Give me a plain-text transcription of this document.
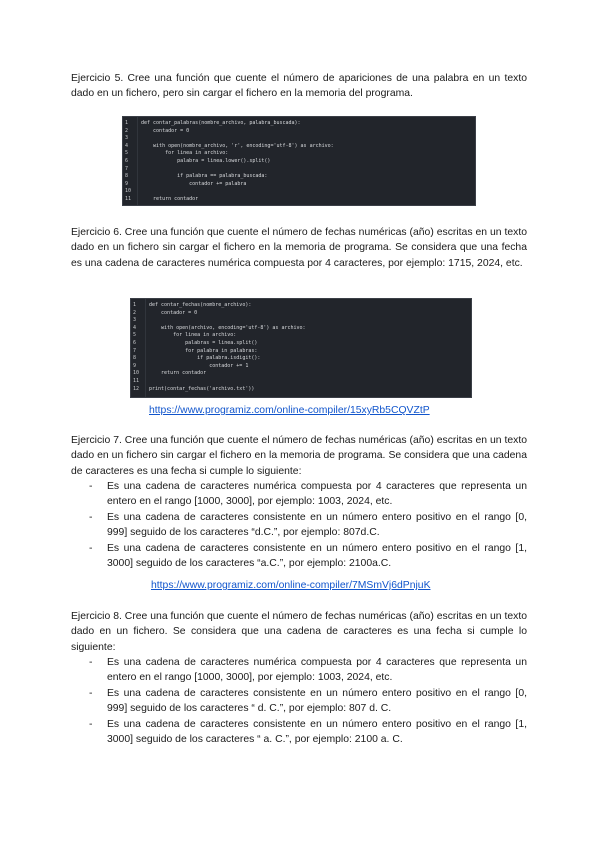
Ejercicio 5. Cree una función que cuente el número de apariciones de una palabra en un texto dado en un fichero, pero sin cargar el fichero en la memoria del programa.

1
2
3
4
5
6
7
8
9
10
11
def contar_palabras(nombre_archivo, palabra_buscada):
contador = 0
with open(nombre_archivo, 'r', encoding='utf-8') as archivo:
for linea in archivo:
palabra = linea.lower().split()
if palabra == palabra_buscada:
contador += palabra
return contador

Ejercicio 6. Cree una función que cuente el número de fechas numéricas (año) escritas en un texto dado en un fichero sin cargar el fichero en la memoria de programa. Se considera que una fecha es una cadena de caracteres numérica compuesta por 4 caracteres, por ejemplo: 1715, 2024, etc.

1
2
3
4
5
6
7
8
9
10
11
12
def contar_fechas(nombre_archivo):
contador = 0
with open(archivo, encoding='utf-8') as archivo:
for linea in archivo:
palabras = linea.split()
for palabra in palabras:
if palabra.isdigit():
contador += 1
return contador
print(contar_fechas('archivo.txt'))
https://www.programiz.com/online-compiler/15xyRb5CQVZtP

Ejercicio 7. Cree una función que cuente el número de fechas numéricas (año) escritas en un texto dado en un fichero sin cargar el fichero en la memoria de programa. Se considera que una cadena de caracteres es una fecha si cumple lo siguiente:

- Es una cadena de caracteres numérica compuesta por 4 caracteres que representa un entero en el rango [1000, 3000], por ejemplo: 1003, 2024, etc.
- Es una cadena de caracteres consistente en un número entero positivo en el rango [0, 999] seguido de los caracteres “d.C.”, por ejemplo: 807d.C.
- Es una cadena de caracteres consistente en un número entero positivo en el rango [1, 3000] seguido de los caracteres “a.C.”, por ejemplo: 2100a.C.
https://www.programiz.com/online-compiler/7MSmVj6dPnjuK

Ejercicio 8. Cree una función que cuente el número de fechas numéricas (año) escritas en un texto dado en un fichero. Se considera que una cadena de caracteres es una fecha si cumple lo siguiente:

- Es una cadena de caracteres numérica compuesta por 4 caracteres que representa un entero en el rango [1000, 3000], por ejemplo: 1003, 2024, etc.
- Es una cadena de caracteres consistente en un número entero positivo en el rango [0, 999] seguido de los caracteres “ d. C.”, por ejemplo: 807 d. C.
- Es una cadena de caracteres consistente en un número entero positivo en el rango [1, 3000] seguido de los caracteres “ a. C.”, por ejemplo: 2100 a. C.
